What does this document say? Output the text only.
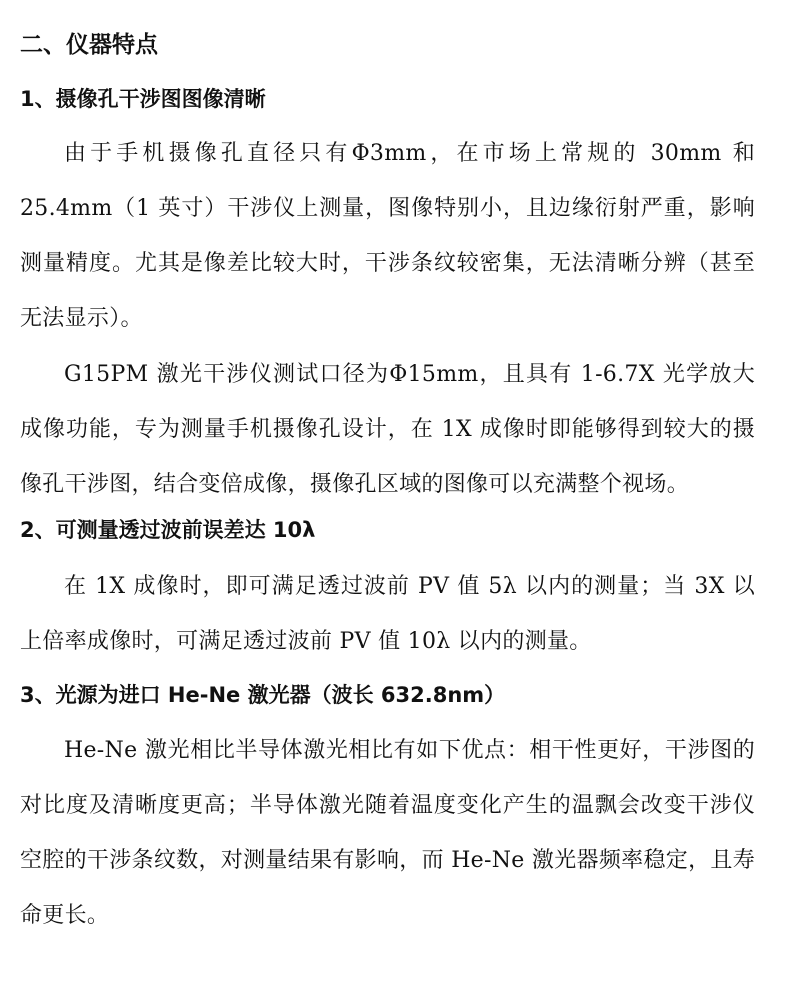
二、仪器特点
1、摄像孔干涉图图像清晰

由于手机摄像孔直径只有Φ3mm，在市场上常规的 30mm 和 25.4mm（1 英寸）干涉仪上测量，图像特别小，且边缘衍射严重，影响测量精度。尤其是像差比较大时，干涉条纹较密集，无法清晰分辨（甚至无法显示）。

G15PM 激光干涉仪测试口径为Φ15mm，且具有 1-6.7X 光学放大成像功能，专为测量手机摄像孔设计，在 1X 成像时即能够得到较大的摄像孔干涉图，结合变倍成像，摄像孔区域的图像可以充满整个视场。

2、可测量透过波前误差达 10λ

在 1X 成像时，即可满足透过波前 PV 值 5λ 以内的测量；当 3X 以上倍率成像时，可满足透过波前 PV 值 10λ 以内的测量。

3、光源为进口 He-Ne 激光器（波长 632.8nm）

He-Ne 激光相比半导体激光相比有如下优点：相干性更好，干涉图的对比度及清晰度更高；半导体激光随着温度变化产生的温飘会改变干涉仪空腔的干涉条纹数，对测量结果有影响，而 He-Ne 激光器频率稳定，且寿命更长。
